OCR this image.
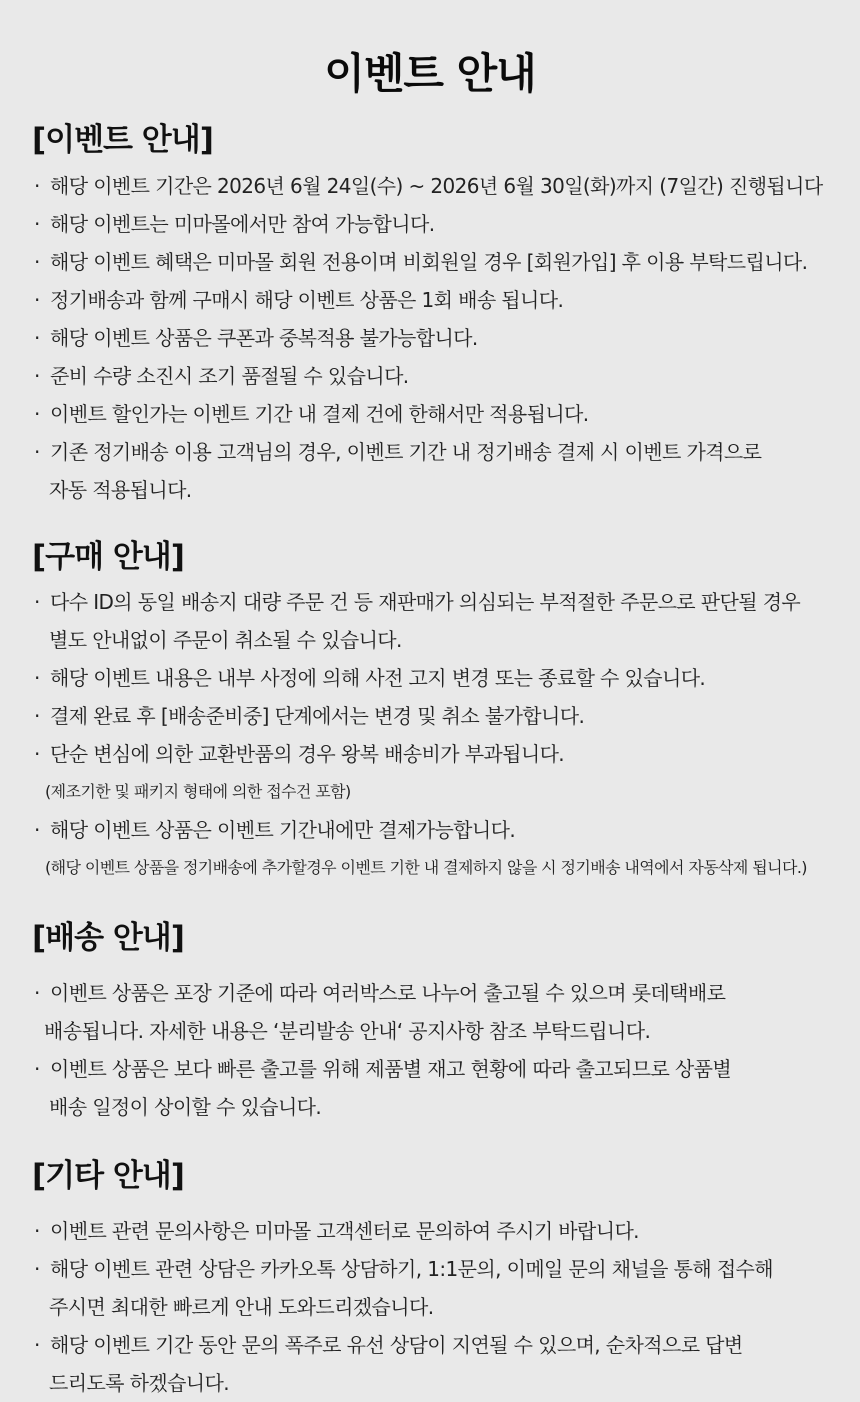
이벤트 안내
[이벤트 안내]
· 해당 이벤트 기간은 2026년 6월 24일(수) ~ 2026년 6월 30일(화)까지 (7일간) 진행됩니다
· 해당 이벤트는 미마몰에서만 참여 가능합니다.
· 해당 이벤트 혜택은 미마몰 회원 전용이며 비회원일 경우 [회원가입] 후 이용 부탁드립니다.
· 정기배송과 함께 구매시 해당 이벤트 상품은 1회 배송 됩니다.
· 해당 이벤트 상품은 쿠폰과 중복적용 불가능합니다.
· 준비 수량 소진시 조기 품절될 수 있습니다.
· 이벤트 할인가는 이벤트 기간 내 결제 건에 한해서만 적용됩니다.
· 기존 정기배송 이용 고객님의 경우, 이벤트 기간 내 정기배송 결제 시 이벤트 가격으로
자동 적용됩니다.
[구매 안내]
· 다수 ID의 동일 배송지 대량 주문 건 등 재판매가 의심되는 부적절한 주문으로 판단될 경우
별도 안내없이 주문이 취소될 수 있습니다.
· 해당 이벤트 내용은 내부 사정에 의해 사전 고지 변경 또는 종료할 수 있습니다.
· 결제 완료 후 [배송준비중] 단계에서는 변경 및 취소 불가합니다.
· 단순 변심에 의한 교환반품의 경우 왕복 배송비가 부과됩니다.
(제조기한 및 패키지 형태에 의한 접수건 포함)
· 해당 이벤트 상품은 이벤트 기간내에만 결제가능합니다.
(해당 이벤트 상품을 정기배송에 추가할경우 이벤트 기한 내 결제하지 않을 시 정기배송 내역에서 자동삭제 됩니다.)
[배송 안내]
· 이벤트 상품은 포장 기준에 따라 여러박스로 나누어 출고될 수 있으며 롯데택배로
배송됩니다. 자세한 내용은 ‘분리발송 안내‘ 공지사항 참조 부탁드립니다.
· 이벤트 상품은 보다 빠른 출고를 위해 제품별 재고 현황에 따라 출고되므로 상품별
배송 일정이 상이할 수 있습니다.
[기타 안내]
· 이벤트 관련 문의사항은 미마몰 고객센터로 문의하여 주시기 바랍니다.
· 해당 이벤트 관련 상담은 카카오톡 상담하기, 1:1문의, 이메일 문의 채널을 통해 접수해
주시면 최대한 빠르게 안내 도와드리겠습니다.
· 해당 이벤트 기간 동안 문의 폭주로 유선 상담이 지연될 수 있으며, 순차적으로 답변
드리도록 하겠습니다.
